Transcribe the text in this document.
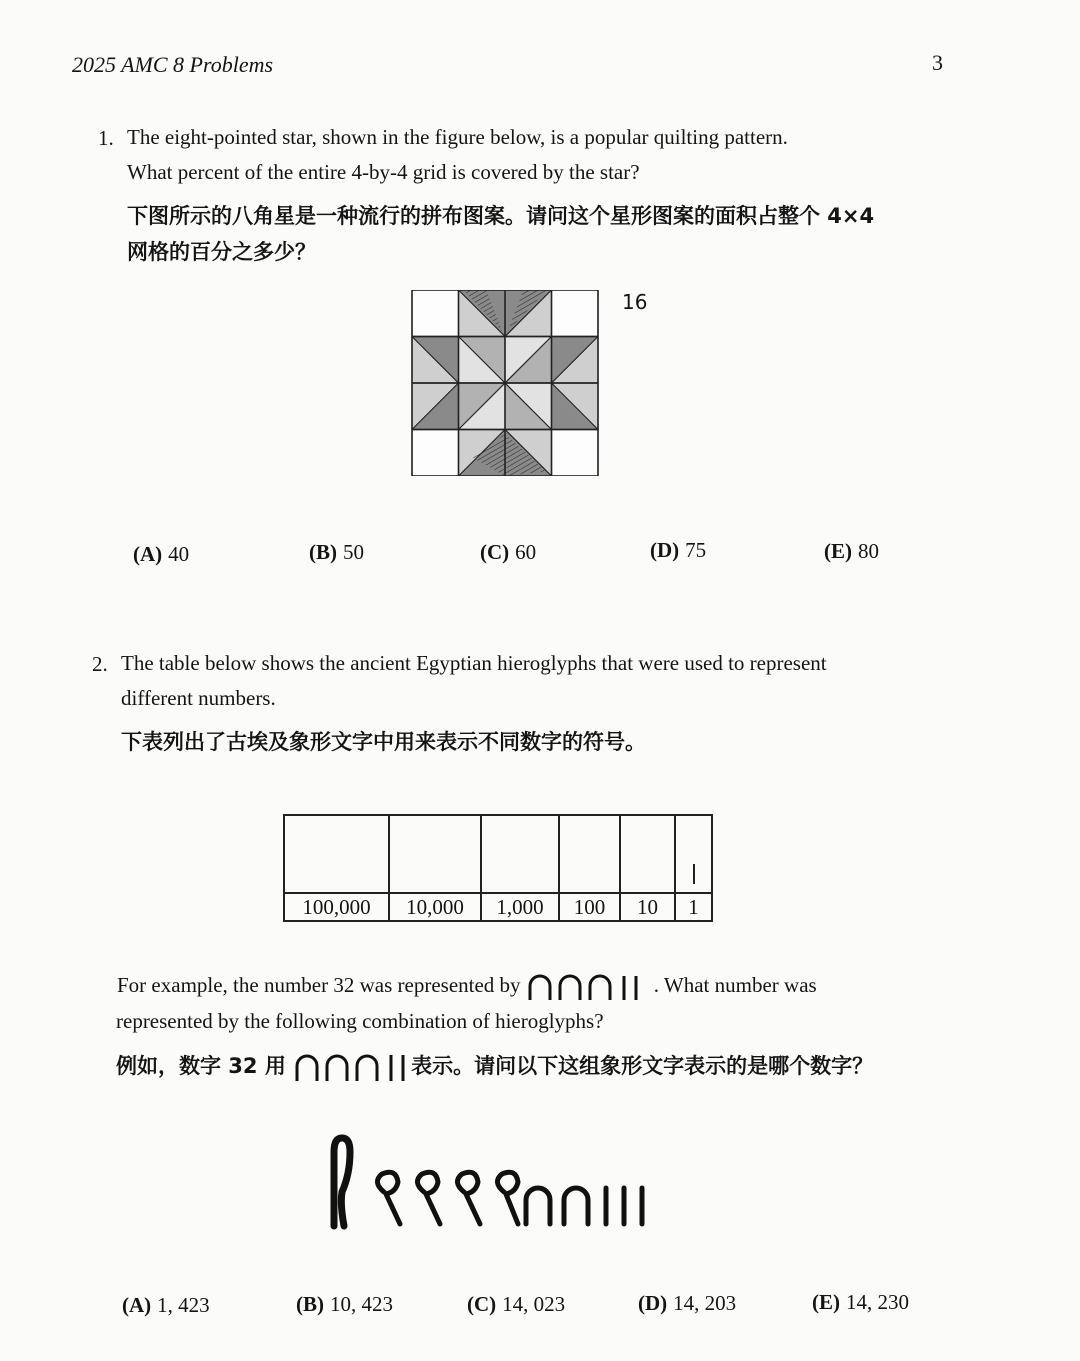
2025 AMC 8 Problems	3
1. The eight-pointed star, shown in the figure below, is a popular quilting pattern.
What percent of the entire 4-by-4 grid is covered by the star?
下图所示的八角星是一种流行的拼布图案。请问这个星形图案的面积占整个 4×4
网格的百分之多少？
16
(A) 40	(B) 50	(C) 60	(D) 75	(E) 80
2. The table below shows the ancient Egyptian hieroglyphs that were used to represent
different numbers.
下表列出了古埃及象形文字中用来表示不同数字的符号。

100,000	10,000	1,000	100	10	1
For example, the number 32 was represented by	. What number was
represented by the following combination of hieroglyphs?
例如，数字 32 用	表示。请问以下这组象形文字表示的是哪个数字？
(A) 1, 423	(B) 10, 423	(C) 14, 023	(D) 14, 203	(E) 14, 230
